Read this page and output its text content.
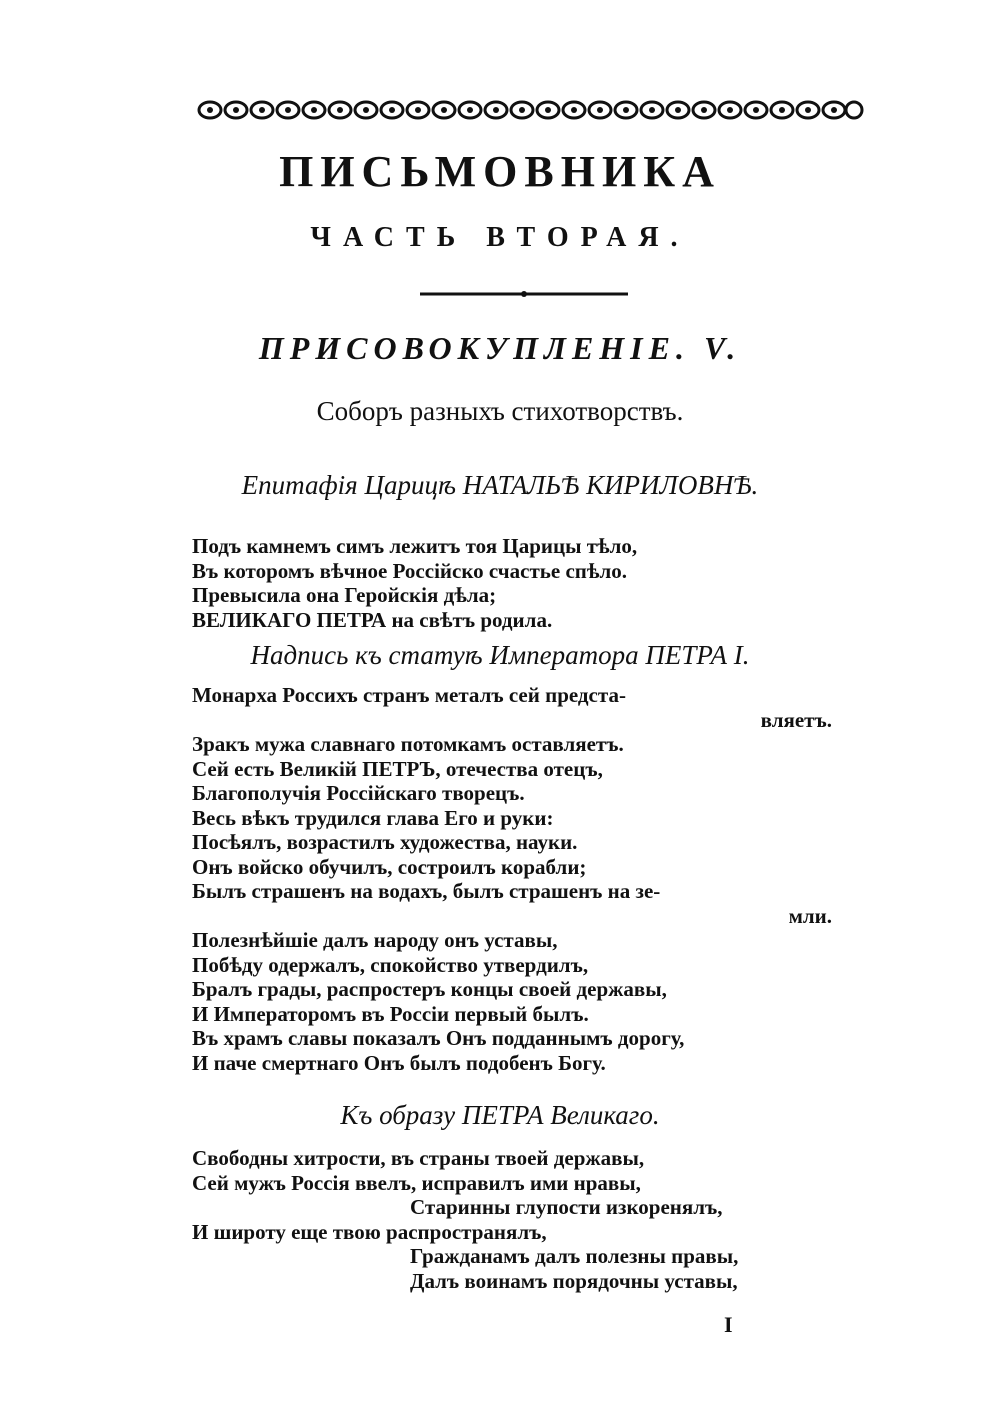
ПИСЬМОВНИКА
ЧАСТЬ ВТОРАЯ.
ПРИСОВОКУПЛЕНІЕ. V.

Соборъ разныхъ стихотворствъ.

Епитафія Царицѣ НАТАЛЬѢ КИРИЛОВНѢ.

Подъ камнемъ симъ лежитъ тоя Царицы тѣло,
Въ которомъ вѣчное Россійско счастье спѣло.
Превысила она Геройскія дѣла;
ВЕЛИКАГО ПЕТРА на свѣтъ родила.

Надпись къ статуѣ Императора ПЕТРА I.

Монарха Россихъ странъ металъ сей предста-
вляетъ.
Зракъ мужа славнаго потомкамъ оставляетъ.
Сей есть Великій ПЕТРЪ, отечества отецъ,
Благополучія Россійскаго творецъ.
Весь вѣкъ трудился глава Его и руки:
Посѣялъ, возрастилъ художества, науки.
Онъ войско обучилъ, состроилъ корабли;
Былъ страшенъ на водахъ, былъ страшенъ на зе-
мли.
Полезнѣйшіе далъ народу онъ уставы,
Побѣду одержалъ, спокойство утвердилъ,
Бралъ грады, распростеръ концы своей державы,
И Императоромъ въ Россіи первый былъ.
Въ храмъ славы показалъ Онъ подданнымъ дорогу,
И паче смертнаго Онъ былъ подобенъ Богу.

Къ образу ПЕТРА Великаго.

Свободны хитрости, въ страны твоей державы,
Сей мужъ Россія ввелъ, исправилъ ими нравы,
Старинны глупости изкоренялъ,
И широту еще твою распространялъ,
Гражданамъ далъ полезны правы,
Далъ воинамъ порядочны уставы,

I
